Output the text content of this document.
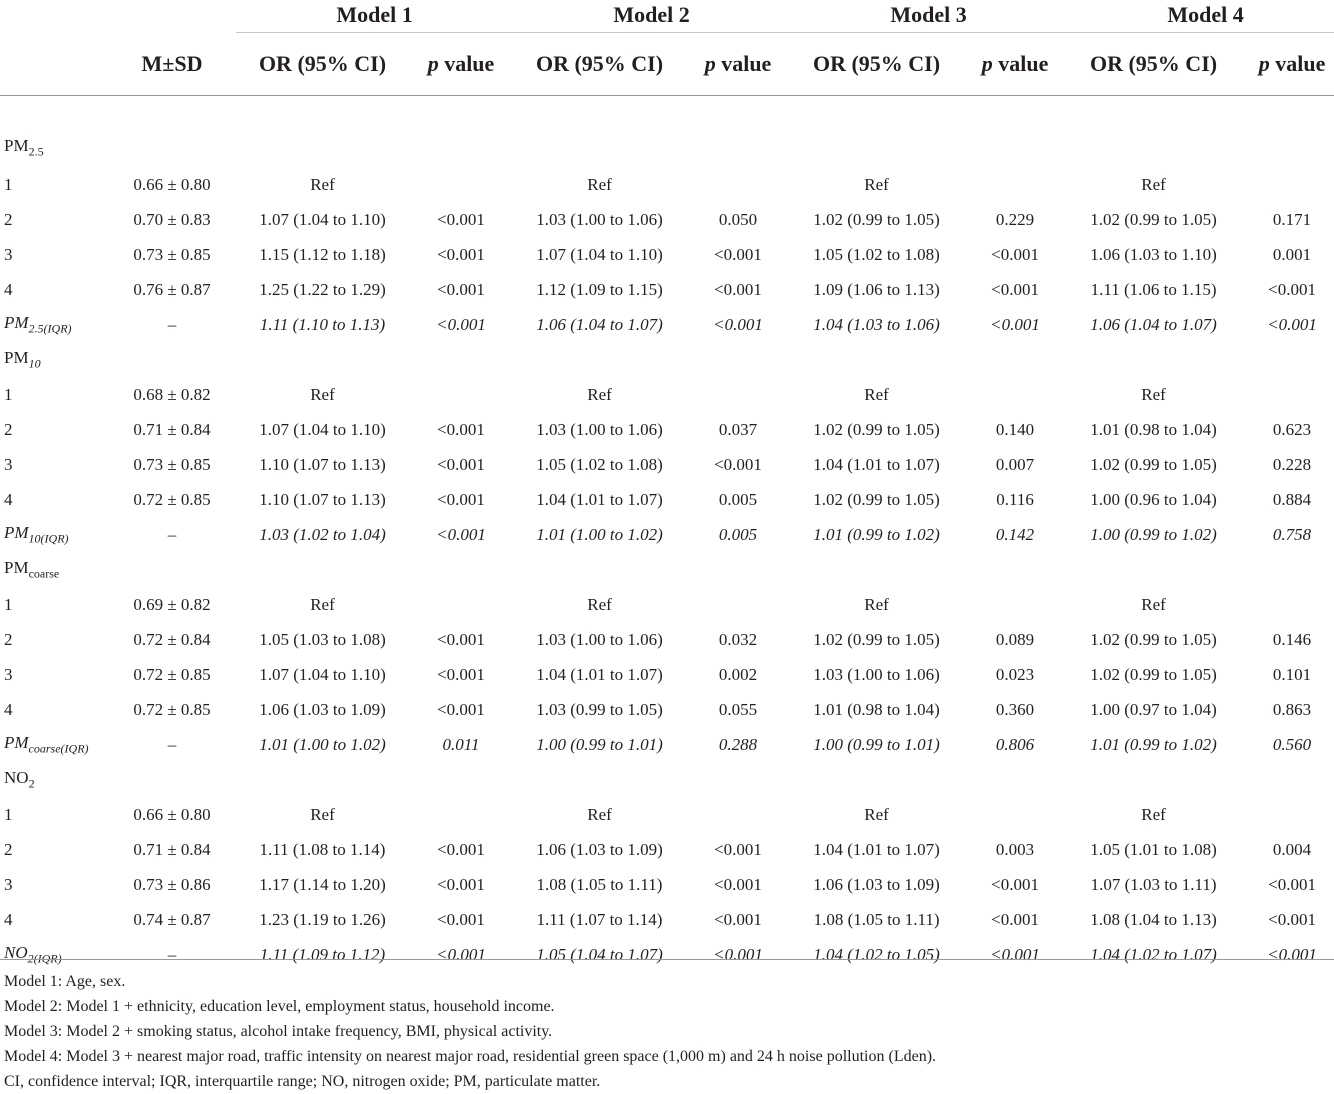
		Model 1		Model 2		Model 3		Model 4	
	M±SD	OR (95% CI)	p value	OR (95% CI)	p value	OR (95% CI)	p value	OR (95% CI)	p value
$PM_{2.5}$
1	0.66 ± 0.80	Ref		Ref		Ref		Ref	
2	0.70 ± 0.83	1.07 (1.04 to 1.10)	<0.001	1.03 (1.00 to 1.06)	0.050	1.02 (0.99 to 1.05)	0.229	1.02 (0.99 to 1.05)	0.171
3	0.73 ± 0.85	1.15 (1.12 to 1.18)	<0.001	1.07 (1.04 to 1.10)	<0.001	1.05 (1.02 to 1.08)	<0.001	1.06 (1.03 to 1.10)	0.001
4	0.76 ± 0.87	1.25 (1.22 to 1.29)	<0.001	1.12 (1.09 to 1.15)	<0.001	1.09 (1.06 to 1.13)	<0.001	1.11 (1.06 to 1.15)	<0.001
$PM_{2.5(IQR)}$	–	1.11 (1.10 to 1.13)	<0.001	1.06 (1.04 to 1.07)	<0.001	1.04 (1.03 to 1.06)	<0.001	1.06 (1.04 to 1.07)	<0.001
$PM_{10}$
1	0.68 ± 0.82	Ref		Ref		Ref		Ref	
2	0.71 ± 0.84	1.07 (1.04 to 1.10)	<0.001	1.03 (1.00 to 1.06)	0.037	1.02 (0.99 to 1.05)	0.140	1.01 (0.98 to 1.04)	0.623
3	0.73 ± 0.85	1.10 (1.07 to 1.13)	<0.001	1.05 (1.02 to 1.08)	<0.001	1.04 (1.01 to 1.07)	0.007	1.02 (0.99 to 1.05)	0.228
4	0.72 ± 0.85	1.10 (1.07 to 1.13)	<0.001	1.04 (1.01 to 1.07)	0.005	1.02 (0.99 to 1.05)	0.116	1.00 (0.96 to 1.04)	0.884
$PM_{10(IQR)}$	–	1.03 (1.02 to 1.04)	<0.001	1.01 (1.00 to 1.02)	0.005	1.01 (0.99 to 1.02)	0.142	1.00 (0.99 to 1.02)	0.758
$PM_{coarse}$
1	0.69 ± 0.82	Ref		Ref		Ref		Ref	
2	0.72 ± 0.84	1.05 (1.03 to 1.08)	<0.001	1.03 (1.00 to 1.06)	0.032	1.02 (0.99 to 1.05)	0.089	1.02 (0.99 to 1.05)	0.146
3	0.72 ± 0.85	1.07 (1.04 to 1.10)	<0.001	1.04 (1.01 to 1.07)	0.002	1.03 (1.00 to 1.06)	0.023	1.02 (0.99 to 1.05)	0.101
4	0.72 ± 0.85	1.06 (1.03 to 1.09)	<0.001	1.03 (0.99 to 1.05)	0.055	1.01 (0.98 to 1.04)	0.360	1.00 (0.97 to 1.04)	0.863
$PM_{coarse(IQR)}$	–	1.01 (1.00 to 1.02)	0.011	1.00 (0.99 to 1.01)	0.288	1.00 (0.99 to 1.01)	0.806	1.01 (0.99 to 1.02)	0.560
$NO_2$
1	0.66 ± 0.80	Ref		Ref		Ref		Ref	
2	0.71 ± 0.84	1.11 (1.08 to 1.14)	<0.001	1.06 (1.03 to 1.09)	<0.001	1.04 (1.01 to 1.07)	0.003	1.05 (1.01 to 1.08)	0.004
3	0.73 ± 0.86	1.17 (1.14 to 1.20)	<0.001	1.08 (1.05 to 1.11)	<0.001	1.06 (1.03 to 1.09)	<0.001	1.07 (1.03 to 1.11)	<0.001
4	0.74 ± 0.87	1.23 (1.19 to 1.26)	<0.001	1.11 (1.07 to 1.14)	<0.001	1.08 (1.05 to 1.11)	<0.001	1.08 (1.04 to 1.13)	<0.001
$NO_{2(IQR)}$	–	1.11 (1.09 to 1.12)	<0.001	1.05 (1.04 to 1.07)	<0.001	1.04 (1.02 to 1.05)	<0.001	1.04 (1.02 to 1.07)	<0.001
Model 1: Age, sex.
Model 2: Model 1 + ethnicity, education level, employment status, household income.
Model 3: Model 2 + smoking status, alcohol intake frequency, BMI, physical activity.
Model 4: Model 3 + nearest major road, traffic intensity on nearest major road, residential green space (1,000 m) and 24 h noise pollution (Lden).
CI, confidence interval; IQR, interquartile range; NO, nitrogen oxide; PM, particulate matter.
